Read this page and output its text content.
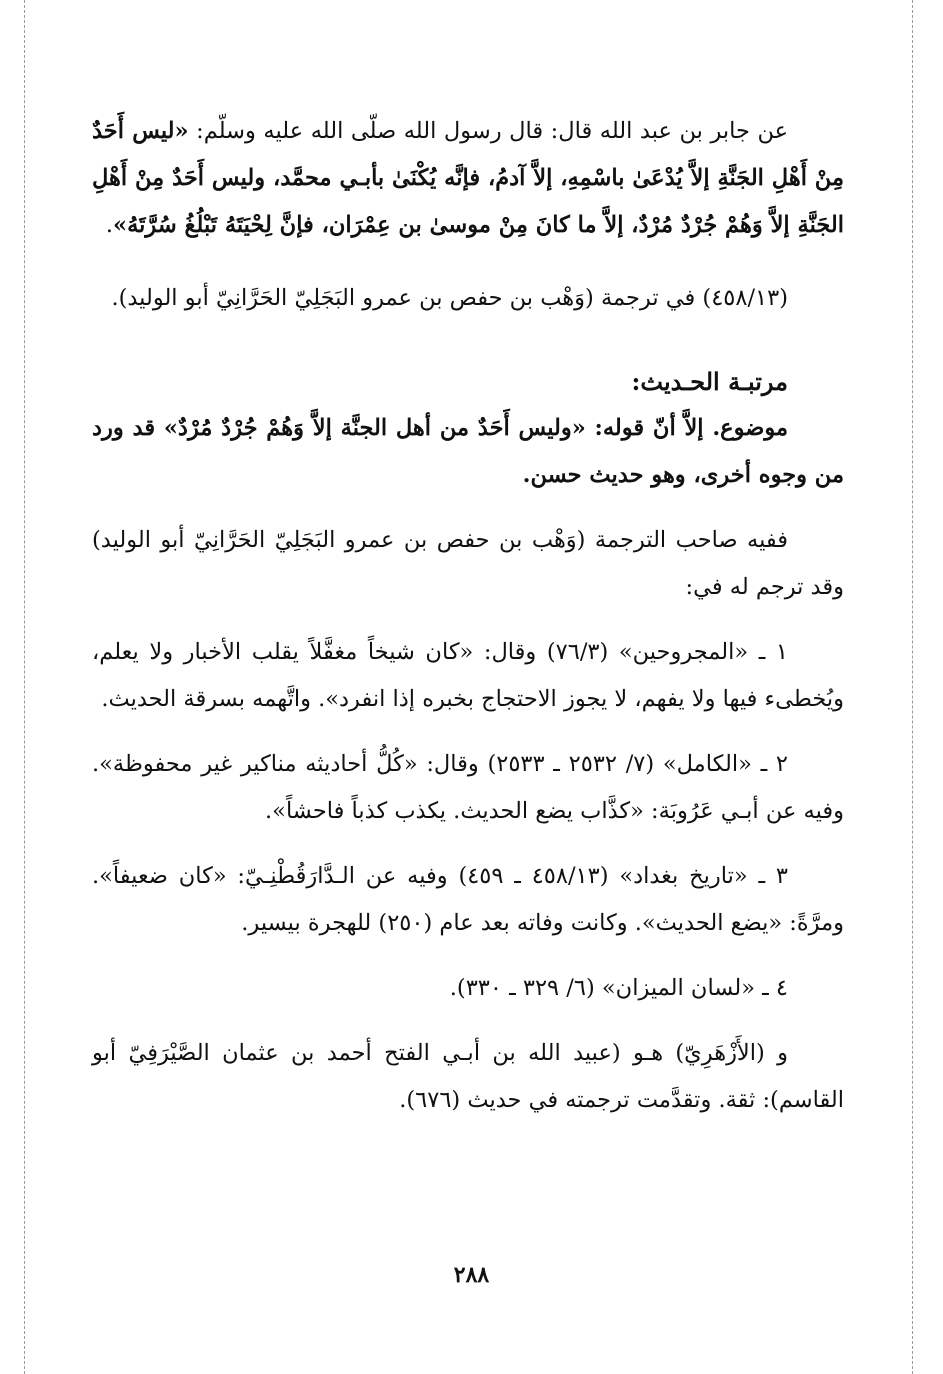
عن جابر بن عبد الله قال: قال رسول الله صلّى الله عليه وسلّم: «ليس أَحَدٌ مِنْ أَهْلِ الجَنَّةِ إلاَّ يُدْعَىٰ باسْمِهِ، إلاَّ آدمُ، فإنَّه يُكْنَىٰ بأبـي محمَّد، وليس أَحَدٌ مِنْ أَهْلِ الجَنَّةِ إلاَّ وَهُمْ جُرْدٌ مُرْدٌ، إلاَّ ما كانَ مِنْ موسىٰ بن عِمْرَان، فإنَّ لِحْيَتَهُ تَبْلُغُ سُرَّتَهُ».

(٤٥٨/١٣) في ترجمة (وَهْب بن حفص بن عمرو البَجَلِيّ الحَرَّانِيّ أبو الوليد).

مرتبـة الحـديث:

موضوع. إلاَّ أنّ قوله: «وليس أَحَدٌ من أهل الجنَّة إلاَّ وَهُمْ جُرْدٌ مُرْدٌ» قد ورد من وجوه أخرى، وهو حديث حسن.

ففيه صاحب الترجمة (وَهْب بن حفص بن عمرو البَجَلِيّ الحَرَّانِيّ أبو الوليد) وقد ترجم له في:

١ ـ «المجروحين» (٧٦/٣) وقال: «كان شيخاً مغفَّلاً يقلب الأخبار ولا يعلم، ويُخطىء فيها ولا يفهم، لا يجوز الاحتجاج بخبره إذا انفرد». واتَّهمه بسرقة الحديث.

٢ ـ «الكامل» (٧/ ٢٥٣٢ ـ ٢٥٣٣) وقال: «كُلُّ أحاديثه مناكير غير محفوظة». وفيه عن أبـي عَرُوبَة: «كذَّاب يضع الحديث. يكذب كذباً فاحشاً».

٣ ـ «تاريخ بغداد» (٤٥٨/١٣ ـ ٤٥٩) وفيه عن الـدَّارَقُطْنِـيّ: «كان ضعيفاً». ومرَّةً: «يضع الحديث». وكانت وفاته بعد عام (٢٥٠) للهجرة بيسير.

٤ ـ «لسان الميزان» (٦/ ٣٢٩ ـ ٣٣٠).

و (الأَزْهَرِيّ) هـو (عبيد الله بن أبـي الفتح أحمد بن عثمان الصَّيْرَفِيّ أبو القاسم): ثقة. وتقدَّمت ترجمته في حديث (٦٧٦).

٢٨٨
